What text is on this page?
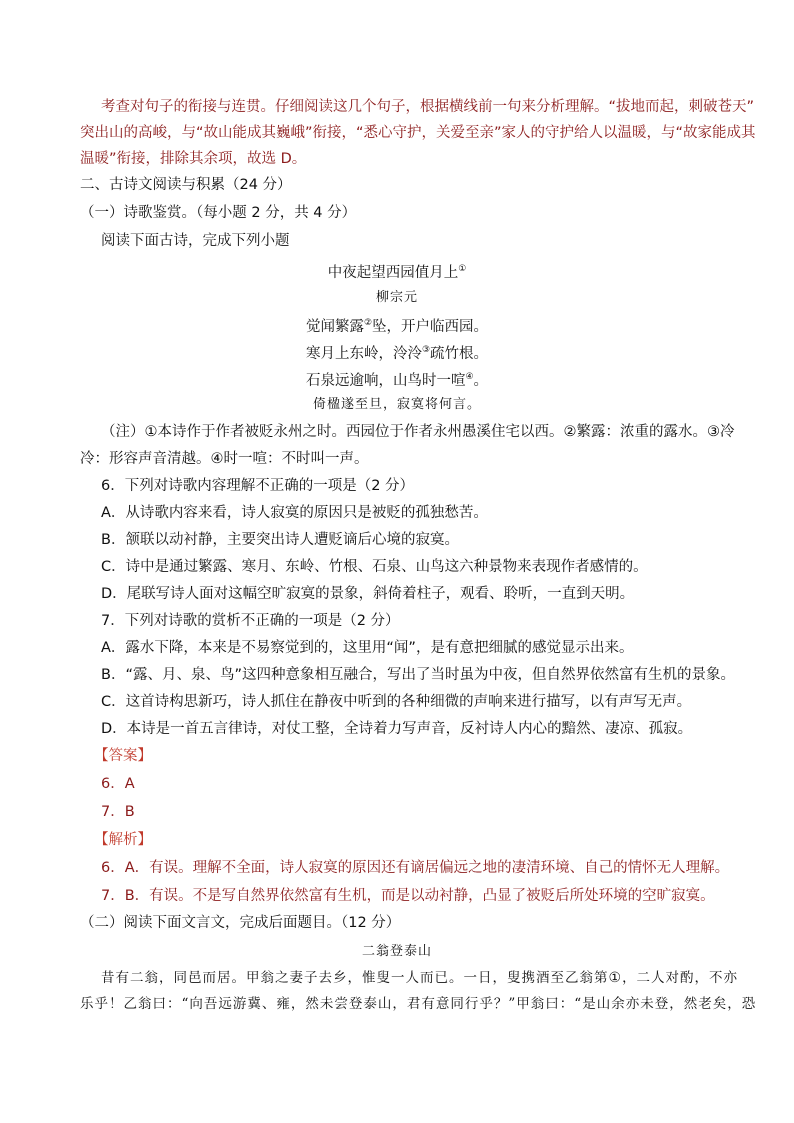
考查对句子的衔接与连贯。仔细阅读这几个句子，根据横线前一句来分析理解。“拔地而起，刺破苍天”
突出山的高峻，与“故山能成其巍峨”衔接，“悉心守护，关爱至亲”家人的守护给人以温暖，与“故家能成其
温暖”衔接，排除其余项，故选 D。
二、古诗文阅读与积累（24 分）
（一）诗歌鉴赏。（每小题 2 分，共 4 分）
阅读下面古诗，完成下列小题
中夜起望西园值月上①
柳宗元
觉闻繁露②坠，开户临西园。
寒月上东岭，泠泠③疏竹根。
石泉远逾响，山鸟时一喧④。
倚楹遂至旦，寂寞将何言。
（注）①本诗作于作者被贬永州之时。西园位于作者永州愚溪住宅以西。②繁露：浓重的露水。③冷
冷：形容声音清越。④时一喧：不时叫一声。
6．下列对诗歌内容理解不正确的一项是（2 分）
A．从诗歌内容来看，诗人寂寞的原因只是被贬的孤独愁苦。
B．颔联以动衬静，主要突出诗人遭贬谪后心境的寂寞。
C．诗中是通过繁露、寒月、东岭、竹根、石泉、山鸟这六种景物来表现作者感情的。
D．尾联写诗人面对这幅空旷寂寞的景象，斜倚着柱子，观看、聆听，一直到天明。
7．下列对诗歌的赏析不正确的一项是（2 分）
A．露水下降，本来是不易察觉到的，这里用“闻”，是有意把细腻的感觉显示出来。
B．“露、月、泉、鸟”这四种意象相互融合，写出了当时虽为中夜，但自然界依然富有生机的景象。
C．这首诗构思新巧，诗人抓住在静夜中听到的各种细微的声响来进行描写，以有声写无声。
D．本诗是一首五言律诗，对仗工整，全诗着力写声音，反衬诗人内心的黯然、凄凉、孤寂。
【答案】
6．A
7．B
【解析】
6．A．有误。理解不全面，诗人寂寞的原因还有谪居偏远之地的凄清环境、自己的情怀无人理解。
7．B．有误。不是写自然界依然富有生机，而是以动衬静，凸显了被贬后所处环境的空旷寂寞。
（二）阅读下面文言文，完成后面题目。（12 分）
二翁登泰山
昔有二翁，同邑而居。甲翁之妻子去乡，惟叟一人而已。一日，叟携酒至乙翁第①，二人对酌，不亦
乐乎！乙翁曰：“向吾远游冀、雍，然未尝登泰山，君有意同行乎？”甲翁曰：“是山余亦未登，然老矣，恐
